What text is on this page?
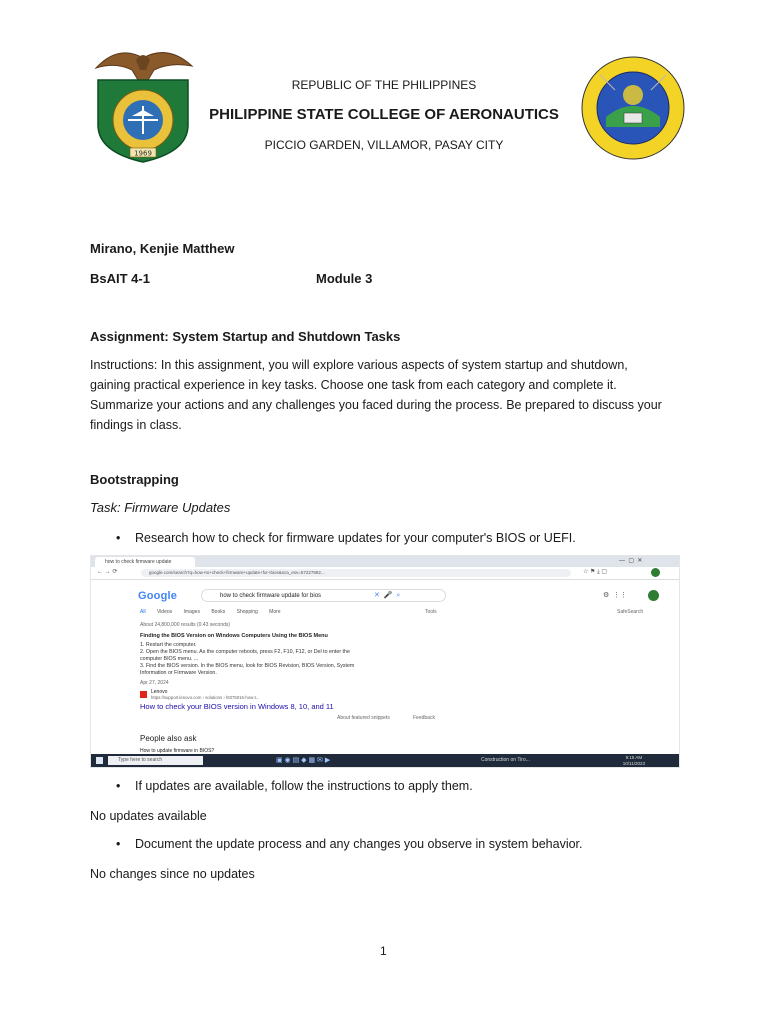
1969
REPUBLIC OF THE PHILIPPINES
PHILIPPINE STATE COLLEGE OF AERONAUTICS
PICCIO GARDEN, VILLAMOR, PASAY CITY
Mirano, Kenjie Matthew
BsAIT 4-1	Module 3
Assignment: System Startup and Shutdown Tasks
Instructions: In this assignment, you will explore various aspects of system startup and shutdown,
gaining practical experience in key tasks. Choose one task from each category and complete it.
Summarize your actions and any challenges you faced during the process. Be prepared to discuss your
findings in class.
Bootstrapping
Task: Firmware Updates
• Research how to check for firmware updates for your computer's BIOS or UEFI.
how to check firmware update	—  ▢  ✕
← → ⟳	google.com/search?q=how+to+check+firmware+update+for+bios&sca_esv=57227882...	☆ ⚑ ⤓ ▢
Google	how to check firmware update for bios	✕  🎤  ⌕	⚙  ⋮⋮
All Videos Images Books Shopping More	Tools	SafeSearch
About 24,800,000 results (0.43 seconds)
Finding the BIOS Version on Windows Computers Using the BIOS Menu
1. Restart the computer.
2. Open the BIOS menu. As the computer reboots, press F2, F10, F12, or Del to enter the
computer BIOS menu. ...
3. Find the BIOS version. In the BIOS menu, look for BIOS Revision, BIOS Version, System
Information or Firmware Version.
Apr 27, 2024
Lenovo
https://support.lenovo.com › solutions › ht075016-how-t...
How to check your BIOS version in Windows 8, 10, and 11
About featured snippets	Feedback
People also ask
How to update firmware in BIOS?
Type here to search	▣ ◉ ▤ ◆ ▦ ✉ ▶	Construction on Tiro...	9:15 AM
10/11/2023
• If updates are available, follow the instructions to apply them.
No updates available
• Document the update process and any changes you observe in system behavior.
No changes since no updates
1
